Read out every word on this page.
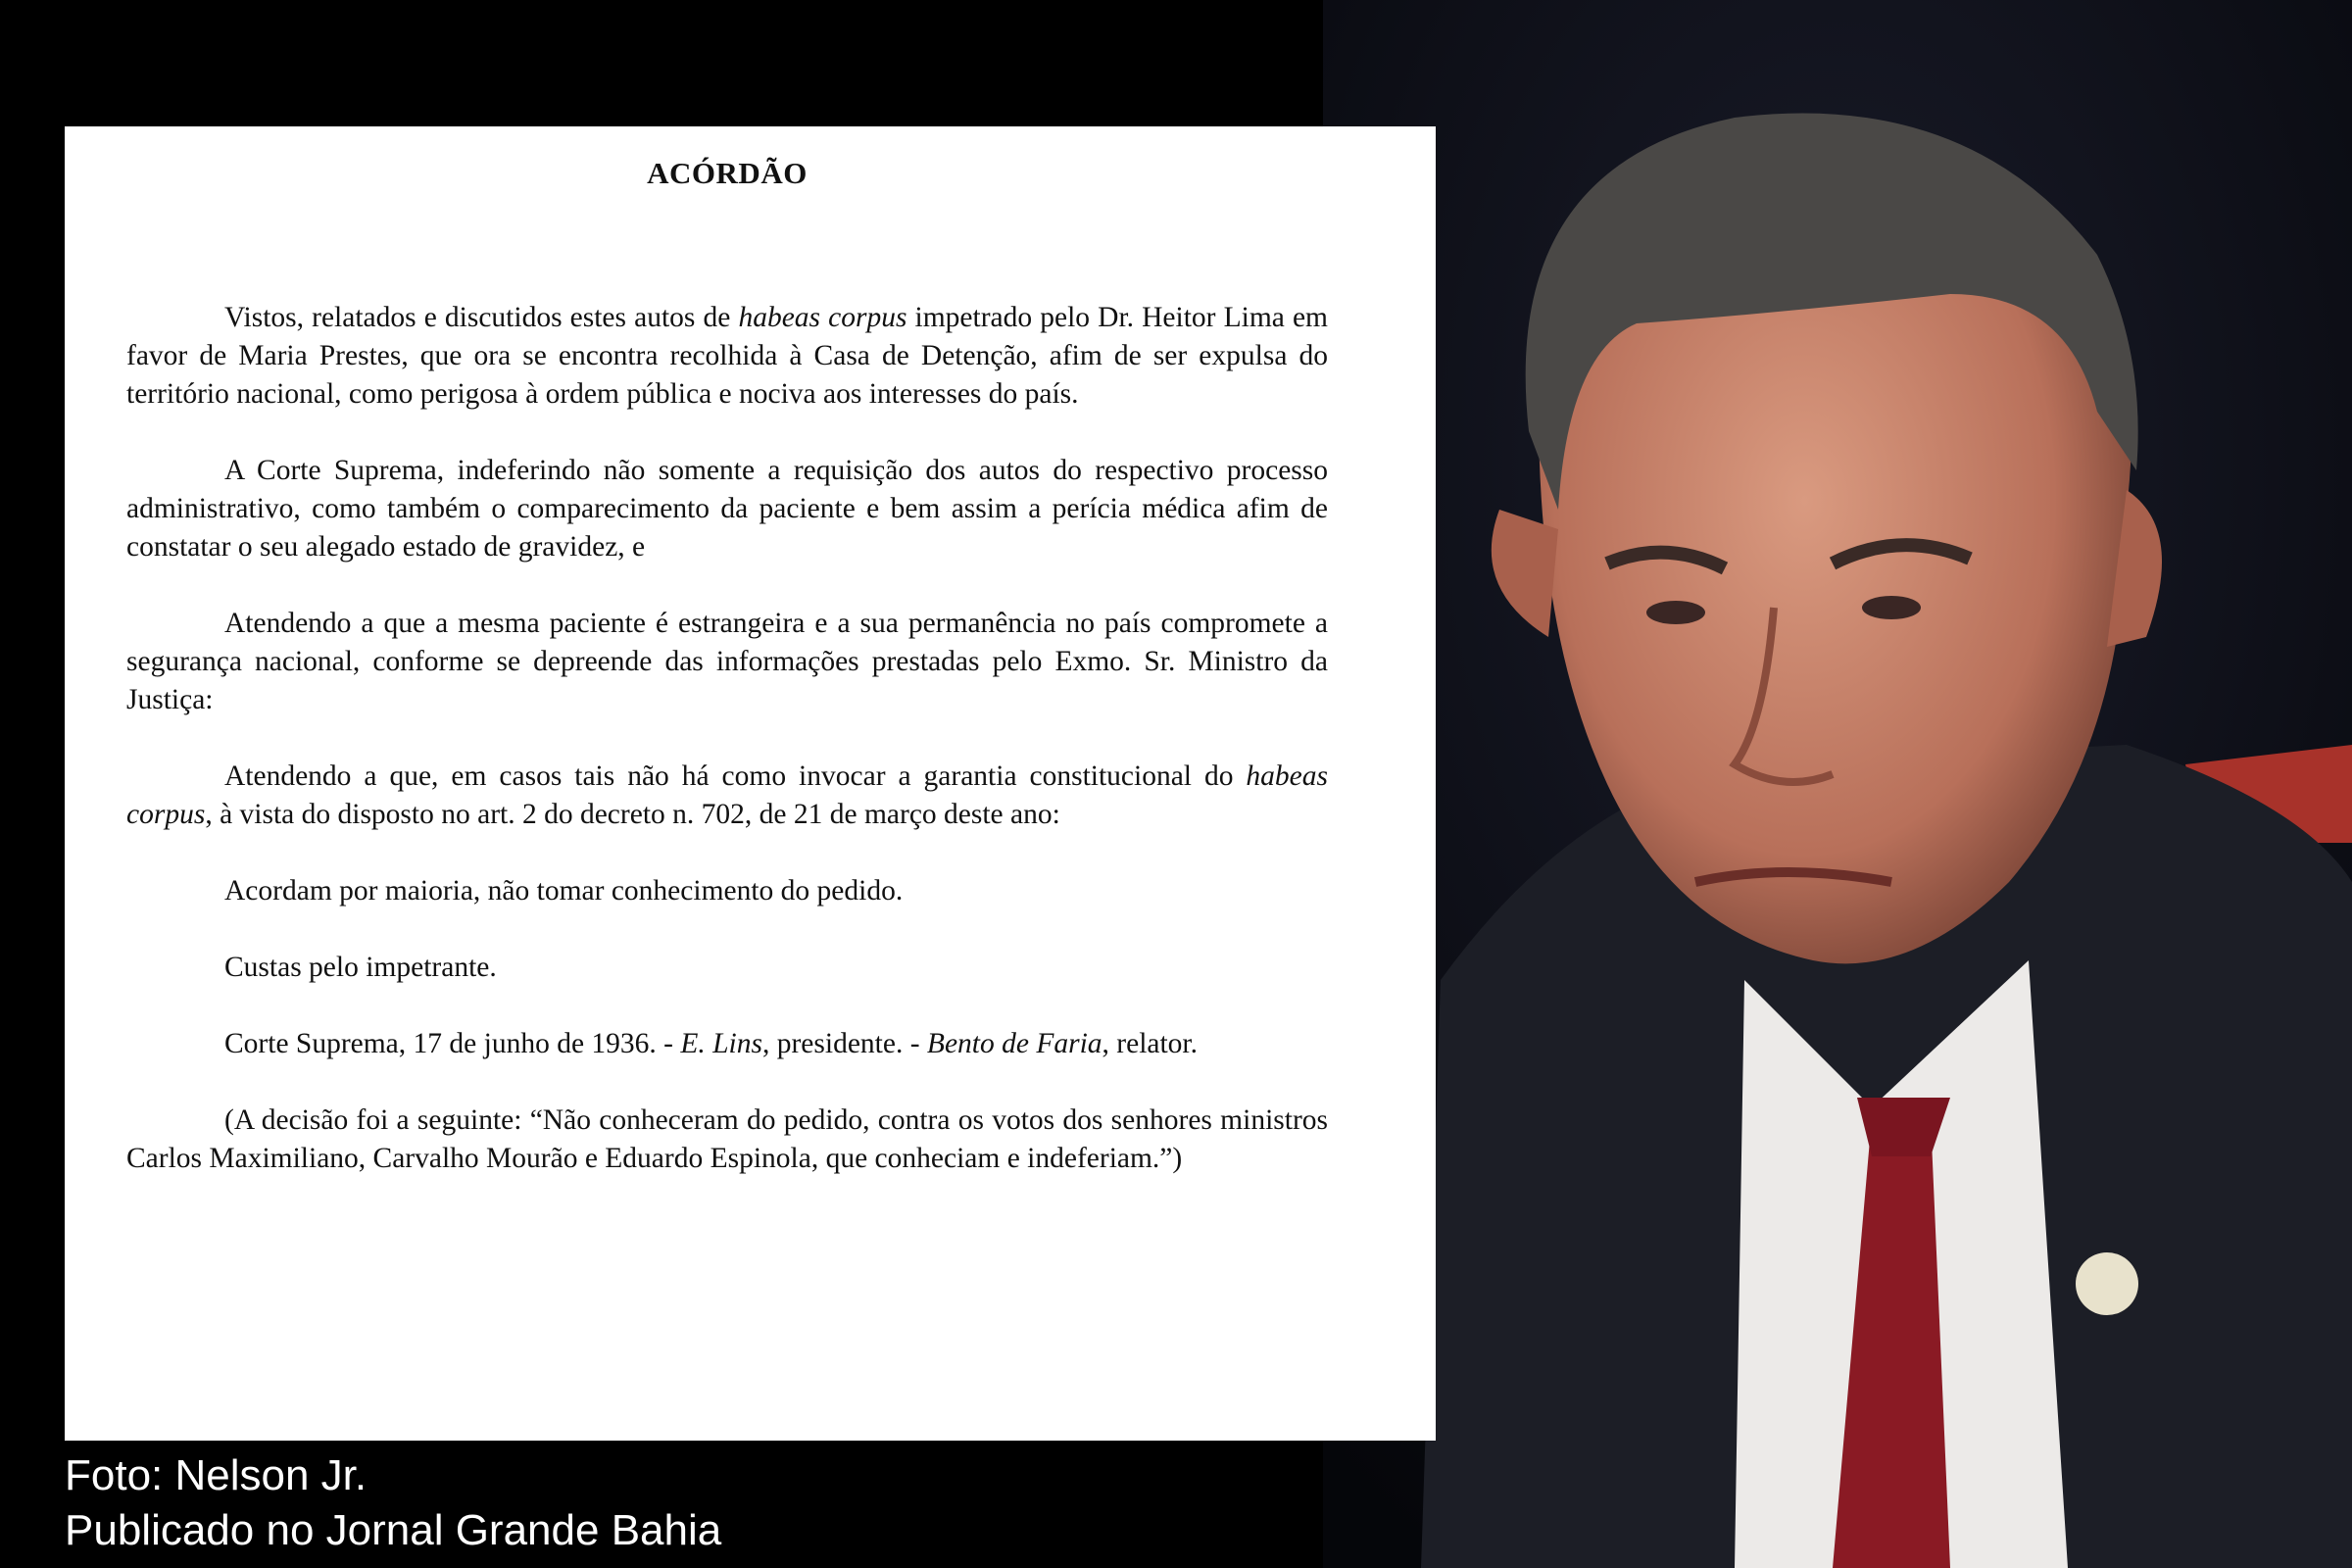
ACÓRDÃO

Vistos, relatados e discutidos estes autos de habeas corpus impetrado pelo Dr. Heitor Lima em favor de Maria Prestes, que ora se encontra recolhida à Casa de Detenção, afim de ser expulsa do território nacional, como perigosa à ordem pública e nociva aos interesses do país.

A Corte Suprema, indeferindo não somente a requisição dos autos do respectivo processo administrativo, como também o comparecimento da paciente e bem assim a perícia médica afim de constatar o seu alegado estado de gravidez, e

Atendendo a que a mesma paciente é estrangeira e a sua permanência no país compromete a segurança nacional, conforme se depreende das informações prestadas pelo Exmo. Sr. Ministro da Justiça:

Atendendo a que, em casos tais não há como invocar a garantia constitucional do habeas corpus, à vista do disposto no art. 2 do decreto n. 702, de 21 de março deste ano:

Acordam por maioria, não tomar conhecimento do pedido.

Custas pelo impetrante.

Corte Suprema, 17 de junho de 1936. - E. Lins, presidente. - Bento de Faria, relator.

(A decisão foi a seguinte: “Não conheceram do pedido, contra os votos dos senhores ministros Carlos Maximiliano, Carvalho Mourão e Eduardo Espinola, que conheciam e indeferiam.”)

Foto: Nelson Jr.
Publicado no Jornal Grande Bahia
